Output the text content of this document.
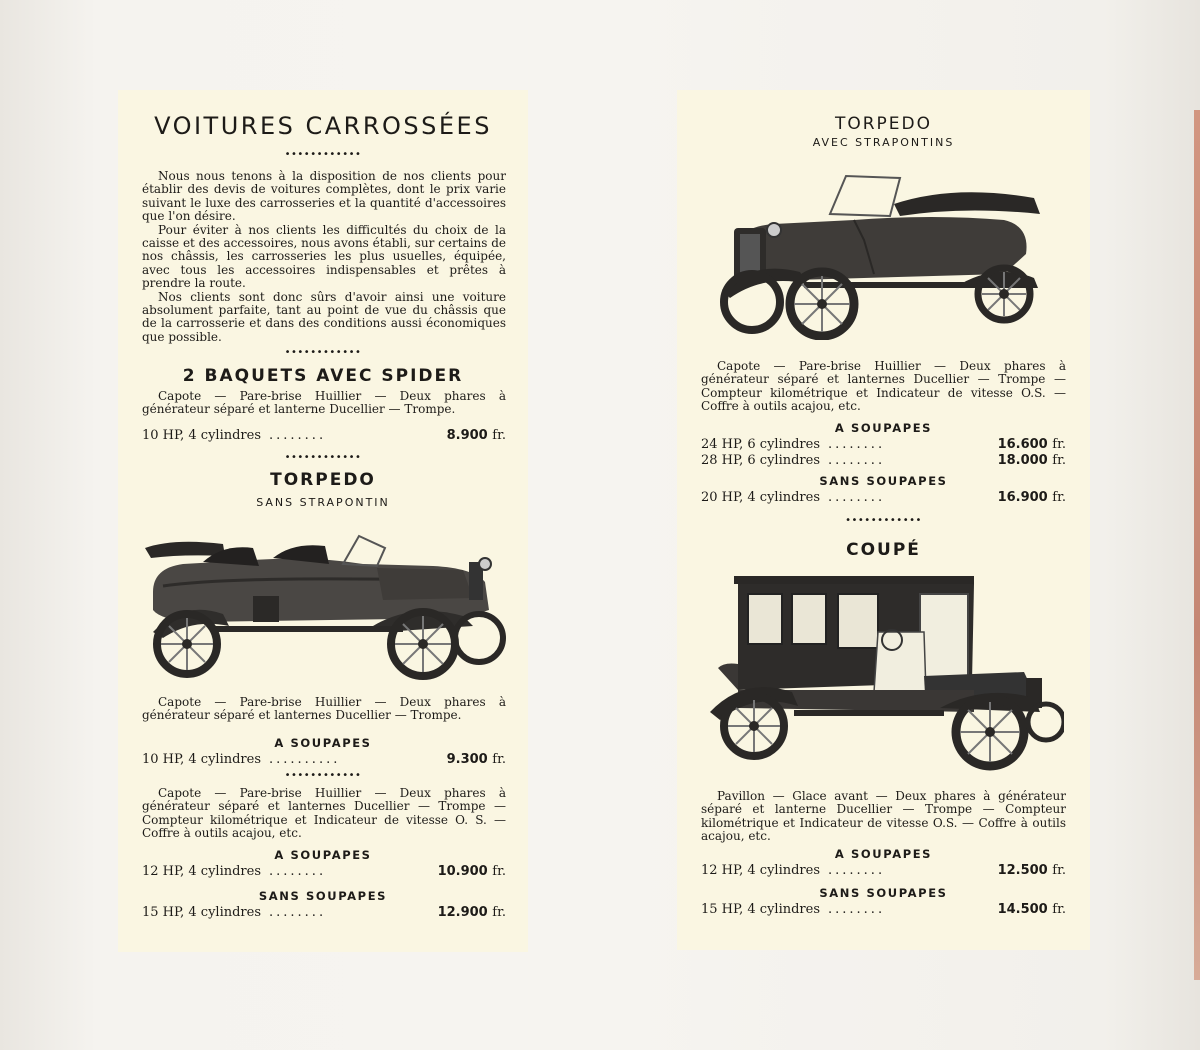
VOITURES CARROSSÉES

••••••••••••

Nous nous tenons à la disposition de nos clients pour établir des devis de voitures complètes, dont le prix varie suivant le luxe des carrosseries et la quantité d'accessoires que l'on désire.

Pour éviter à nos clients les difficultés du choix de la caisse et des accessoires, nous avons établi, sur certains de nos châssis, les carrosseries les plus usuelles, équipée, avec tous les accessoires indispensables et prêtes à prendre la route.

Nos clients sont donc sûrs d'avoir ainsi une voiture absolument parfaite, tant au point de vue du châssis que de la carrosserie et dans des conditions aussi économiques que possible.

••••••••••••

2 BAQUETS AVEC SPIDER

Capote — Pare-brise Huillier — Deux phares à générateur séparé et lanterne Ducellier — Trompe.

10 HP, 4 cylindres ........	8.900 fr.

••••••••••••

TORPEDO
SANS STRAPONTIN

Capote — Pare-brise Huillier — Deux phares à générateur séparé et lanternes Ducellier — Trompe.

A SOUPAPES

10 HP, 4 cylindres ..........	9.300 fr.

••••••••••••

Capote — Pare-brise Huillier — Deux phares à générateur séparé et lanternes Ducellier — Trompe — Compteur kilométrique et Indicateur de vitesse O. S. — Coffre à outils acajou, etc.

A SOUPAPES

12 HP, 4 cylindres ........	10.900 fr.

SANS SOUPAPES

15 HP, 4 cylindres ........	12.900 fr.
TORPEDO
AVEC STRAPONTINS

Capote — Pare-brise Huillier — Deux phares à générateur séparé et lanternes Ducellier — Trompe — Compteur kilométrique et Indicateur de vitesse O.S. — Coffre à outils acajou, etc.

A SOUPAPES

24 HP, 6 cylindres ........	16.600 fr.
28 HP, 6 cylindres ........	18.000 fr.

SANS SOUPAPES

20 HP, 4 cylindres ........	16.900 fr.

••••••••••••

COUPÉ

Pavillon — Glace avant — Deux phares à générateur séparé et lanterne Ducellier — Trompe — Compteur kilométrique et Indicateur de vitesse O.S. — Coffre à outils acajou, etc.

A SOUPAPES

12 HP, 4 cylindres ........	12.500 fr.

SANS SOUPAPES

15 HP, 4 cylindres ........	14.500 fr.
